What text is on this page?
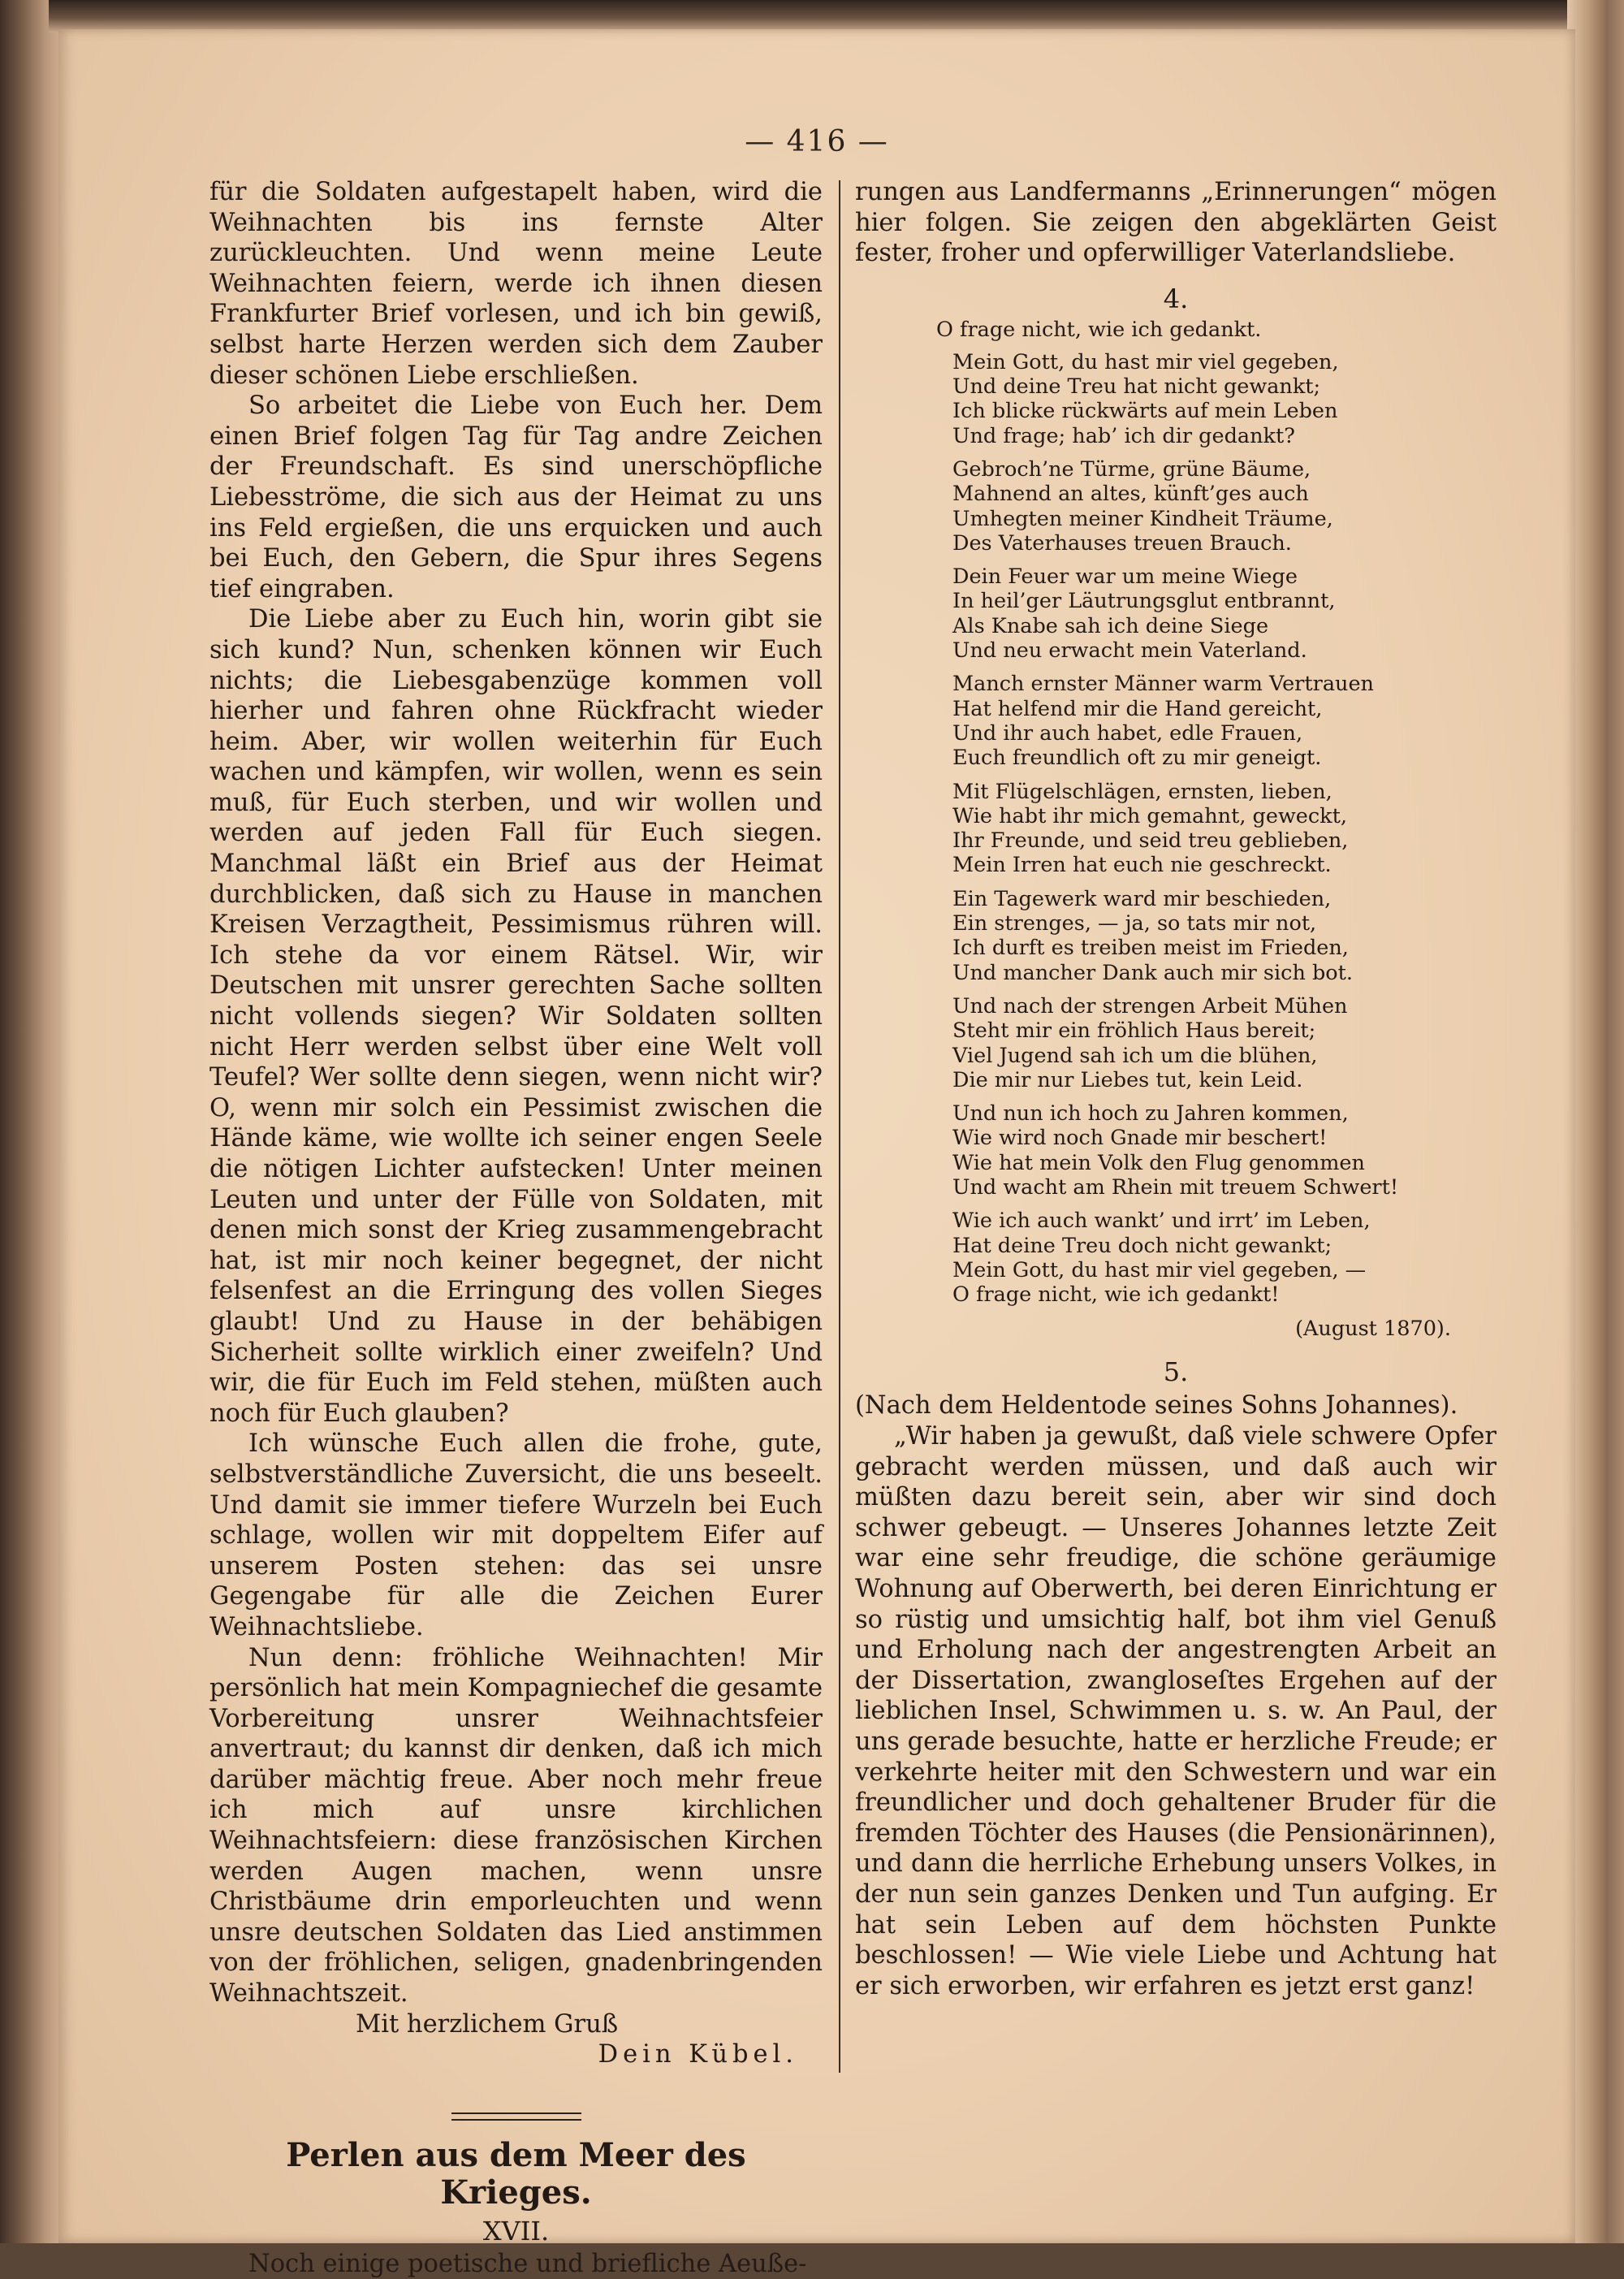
— 416 —

für die Soldaten aufgestapelt haben, wird die Weihnachten bis ins fernste Alter zurückleuchten. Und wenn meine Leute Weihnachten feiern, werde ich ihnen diesen Frankfurter Brief vorlesen, und ich bin gewiß, selbst harte Herzen werden sich dem Zauber dieser schönen Liebe erschließen.

So arbeitet die Liebe von Euch her. Dem einen Brief folgen Tag für Tag andre Zeichen der Freundschaft. Es sind unerschöpfliche Liebesströme, die sich aus der Heimat zu uns ins Feld ergießen, die uns erquicken und auch bei Euch, den Gebern, die Spur ihres Segens tief eingraben.

Die Liebe aber zu Euch hin, worin gibt sie sich kund? Nun, schenken können wir Euch nichts; die Liebesgabenzüge kommen voll hierher und fahren ohne Rückfracht wieder heim. Aber, wir wollen weiterhin für Euch wachen und kämpfen, wir wollen, wenn es sein muß, für Euch sterben, und wir wollen und werden auf jeden Fall für Euch siegen. Manchmal läßt ein Brief aus der Heimat durchblicken, daß sich zu Hause in manchen Kreisen Verzagtheit, Pessimismus rühren will. Ich stehe da vor einem Rätsel. Wir, wir Deutschen mit unsrer gerechten Sache sollten nicht vollends siegen? Wir Soldaten sollten nicht Herr werden selbst über eine Welt voll Teufel? Wer sollte denn siegen, wenn nicht wir? O, wenn mir solch ein Pessimist zwischen die Hände käme, wie wollte ich seiner engen Seele die nötigen Lichter aufstecken! Unter meinen Leuten und unter der Fülle von Soldaten, mit denen mich sonst der Krieg zusammengebracht hat, ist mir noch keiner begegnet, der nicht felsenfest an die Erringung des vollen Sieges glaubt! Und zu Hause in der behäbigen Sicherheit sollte wirklich einer zweifeln? Und wir, die für Euch im Feld stehen, müßten auch noch für Euch glauben?

Ich wünsche Euch allen die frohe, gute, selbstverständliche Zuversicht, die uns beseelt. Und damit sie immer tiefere Wurzeln bei Euch schlage, wollen wir mit doppeltem Eifer auf unserem Posten stehen: das sei unsre Gegengabe für alle die Zeichen Eurer Weihnachtsliebe.

Nun denn: fröhliche Weihnachten! Mir persönlich hat mein Kompagniechef die gesamte Vorbereitung unsrer Weihnachtsfeier anvertraut; du kannst dir denken, daß ich mich darüber mächtig freue. Aber noch mehr freue ich mich auf unsre kirchlichen Weihnachtsfeiern: diese französischen Kirchen werden Augen machen, wenn unsre Christbäume drin emporleuchten und wenn unsre deutschen Soldaten das Lied anstimmen von der fröhlichen, seligen, gnadenbringenden Weihnachtszeit.

Mit herzlichem Gruß
Dein Kübel.
Perlen aus dem Meer des Krieges.
XVII.

Noch einige poetische und briefliche Aeuße-

rungen aus Landfermanns „Erinnerungen“ mögen hier folgen. Sie zeigen den abgeklärten Geist fester, froher und opferwilliger Vaterlandsliebe.

4.
O frage nicht, wie ich gedankt.
Mein Gott, du hast mir viel gegeben,
Und deine Treu hat nicht gewankt;
Ich blicke rückwärts auf mein Leben
Und frage; hab’ ich dir gedankt?
Gebroch’ne Türme, grüne Bäume,
Mahnend an altes, künft’ges auch
Umhegten meiner Kindheit Träume,
Des Vaterhauses treuen Brauch.
Dein Feuer war um meine Wiege
In heil’ger Läutrungsglut entbrannt,
Als Knabe sah ich deine Siege
Und neu erwacht mein Vaterland.
Manch ernster Männer warm Vertrauen
Hat helfend mir die Hand gereicht,
Und ihr auch habet, edle Frauen,
Euch freundlich oft zu mir geneigt.
Mit Flügelschlägen, ernsten, lieben,
Wie habt ihr mich gemahnt, geweckt,
Ihr Freunde, und seid treu geblieben,
Mein Irren hat euch nie geschreckt.
Ein Tagewerk ward mir beschieden,
Ein strenges, — ja, so tats mir not,
Ich durft es treiben meist im Frieden,
Und mancher Dank auch mir sich bot.
Und nach der strengen Arbeit Mühen
Steht mir ein fröhlich Haus bereit;
Viel Jugend sah ich um die blühen,
Die mir nur Liebes tut, kein Leid.
Und nun ich hoch zu Jahren kommen,
Wie wird noch Gnade mir beschert!
Wie hat mein Volk den Flug genommen
Und wacht am Rhein mit treuem Schwert!
Wie ich auch wankt’ und irrt’ im Leben,
Hat deine Treu doch nicht gewankt;
Mein Gott, du hast mir viel gegeben, —
O frage nicht, wie ich gedankt!
(August 1870).
5.

(Nach dem Heldentode seines Sohns Johannes).

„Wir haben ja gewußt, daß viele schwere Opfer gebracht werden müssen, und daß auch wir müßten dazu bereit sein, aber wir sind doch schwer gebeugt. — Unseres Johannes letzte Zeit war eine sehr freudige, die schöne geräumige Wohnung auf Oberwerth, bei deren Einrichtung er so rüstig und umsichtig half, bot ihm viel Genuß und Erholung nach der angestrengten Arbeit an der Dissertation, zwangloseſtes Ergehen auf der lieblichen Insel, Schwimmen u. s. w. An Paul, der uns gerade besuchte, hatte er herzliche Freude; er verkehrte heiter mit den Schwestern und war ein freundlicher und doch gehaltener Bruder für die fremden Töchter des Hauses (die Pensionärinnen), und dann die herrliche Erhebung unsers Volkes, in der nun sein ganzes Denken und Tun aufging. Er hat sein Leben auf dem höchsten Punkte beschlossen! — Wie viele Liebe und Achtung hat er sich erworben, wir erfahren es jetzt erst ganz!
